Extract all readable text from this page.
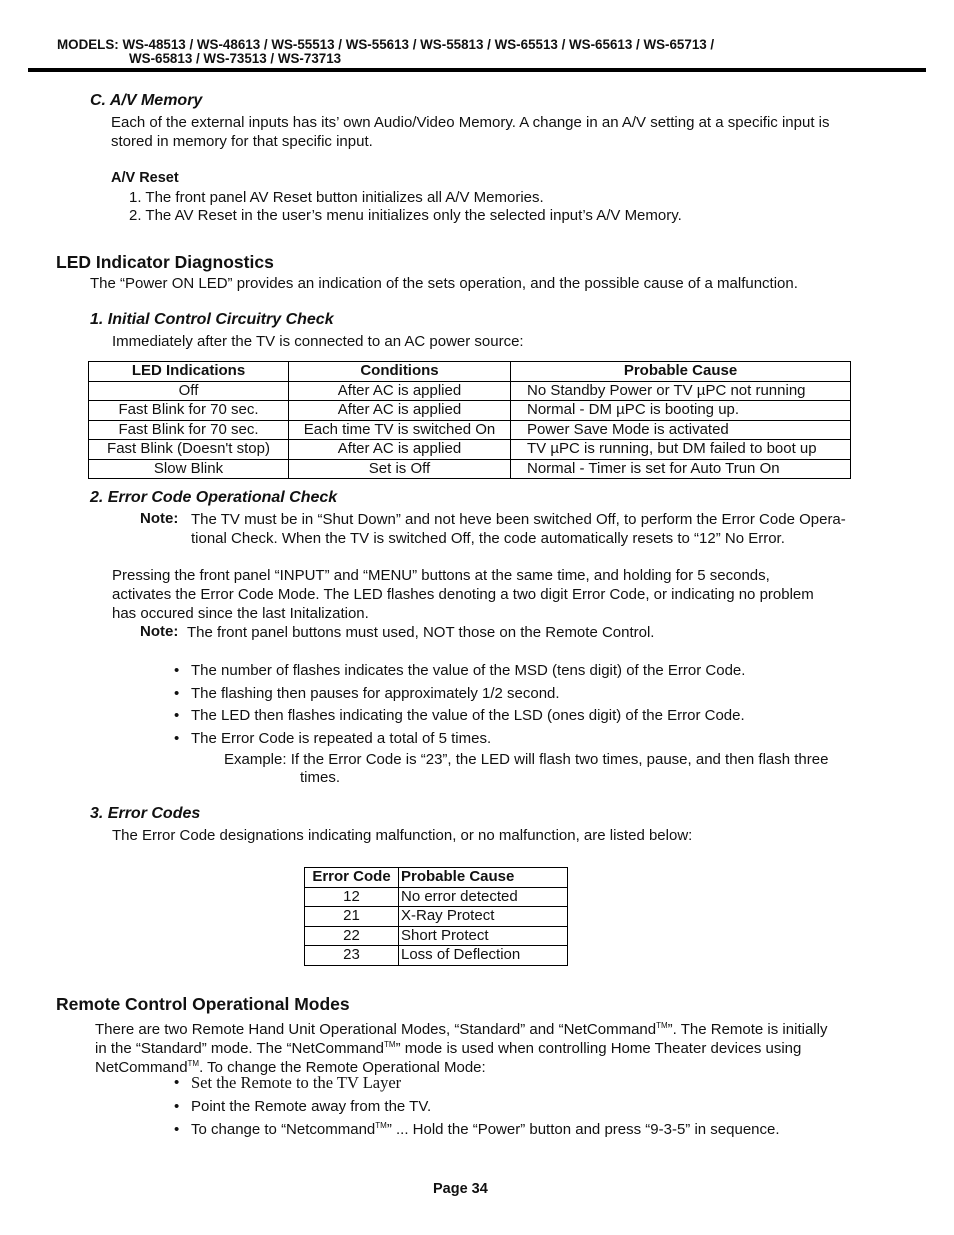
MODELS: WS-48513 / WS-48613 / WS-55513 / WS-55613 / WS-55813 / WS-65513 / WS-65613 / WS-65713 /
WS-65813 / WS-73513 / WS-73713
C. A/V Memory
Each of the external inputs has its’ own Audio/Video Memory. A change in an A/V setting at a specific input is stored in memory for that specific input.
A/V Reset
1. The front panel AV Reset button initializes all A/V Memories.
2. The AV Reset in the user’s menu initializes only the selected input’s A/V Memory.
LED Indicator Diagnostics
The “Power ON LED” provides an indication of the sets operation, and the possible cause of a malfunction.
1. Initial Control Circuitry Check
Immediately after the TV is connected to an AC power source:
LED Indications	Conditions	Probable Cause
Off	After AC is applied	No Standby Power or TV µPC not running
Fast Blink for 70 sec.	After AC is applied	Normal - DM µPC is booting up.
Fast Blink for 70 sec.	Each time TV is switched On	Power Save Mode is activated
Fast Blink (Doesn't stop)	After AC is applied	TV µPC is running, but DM failed to boot up
Slow Blink	Set is Off	Normal - Timer is set for Auto Trun On
2. Error Code Operational Check
Note: The TV must be in “Shut Down” and not heve been switched Off, to perform the Error Code Opera-
tional Check. When the TV is switched Off, the code automatically resets to “12” No Error.
Pressing the front panel “INPUT” and “MENU” buttons at the same time, and holding for 5 seconds,
activates the Error Code Mode. The LED flashes denoting a two digit Error Code, or indicating no problem
has occured since the last Initalization.
Note: The front panel buttons must used, NOT those on the Remote Control.
• The number of flashes indicates the value of the MSD (tens digit) of the Error Code.
• The flashing then pauses for approximately 1/2 second.
• The LED then flashes indicating the value of the LSD (ones digit) of the Error Code.
• The Error Code is repeated a total of 5 times.
Example: If the Error Code is “23”, the LED will flash two times, pause, and then flash three
times.
3. Error Codes
The Error Code designations indicating malfunction, or no malfunction, are listed below:
Error Code	Probable Cause
12	No error detected
21	X-Ray Protect
22	Short Protect
23	Loss of Deflection
Remote Control Operational Modes
There are two Remote Hand Unit Operational Modes, “Standard” and “NetCommand™”. The Remote is initially
in the “Standard” mode. The “NetCommand™” mode is used when controlling Home Theater devices using
NetCommand™. To change the Remote Operational Mode:
• Set the Remote to the TV Layer
• Point the Remote away from the TV.
• To change to “Netcommand™” ... Hold the “Power” button and press “9-3-5” in sequence.
Page 34
